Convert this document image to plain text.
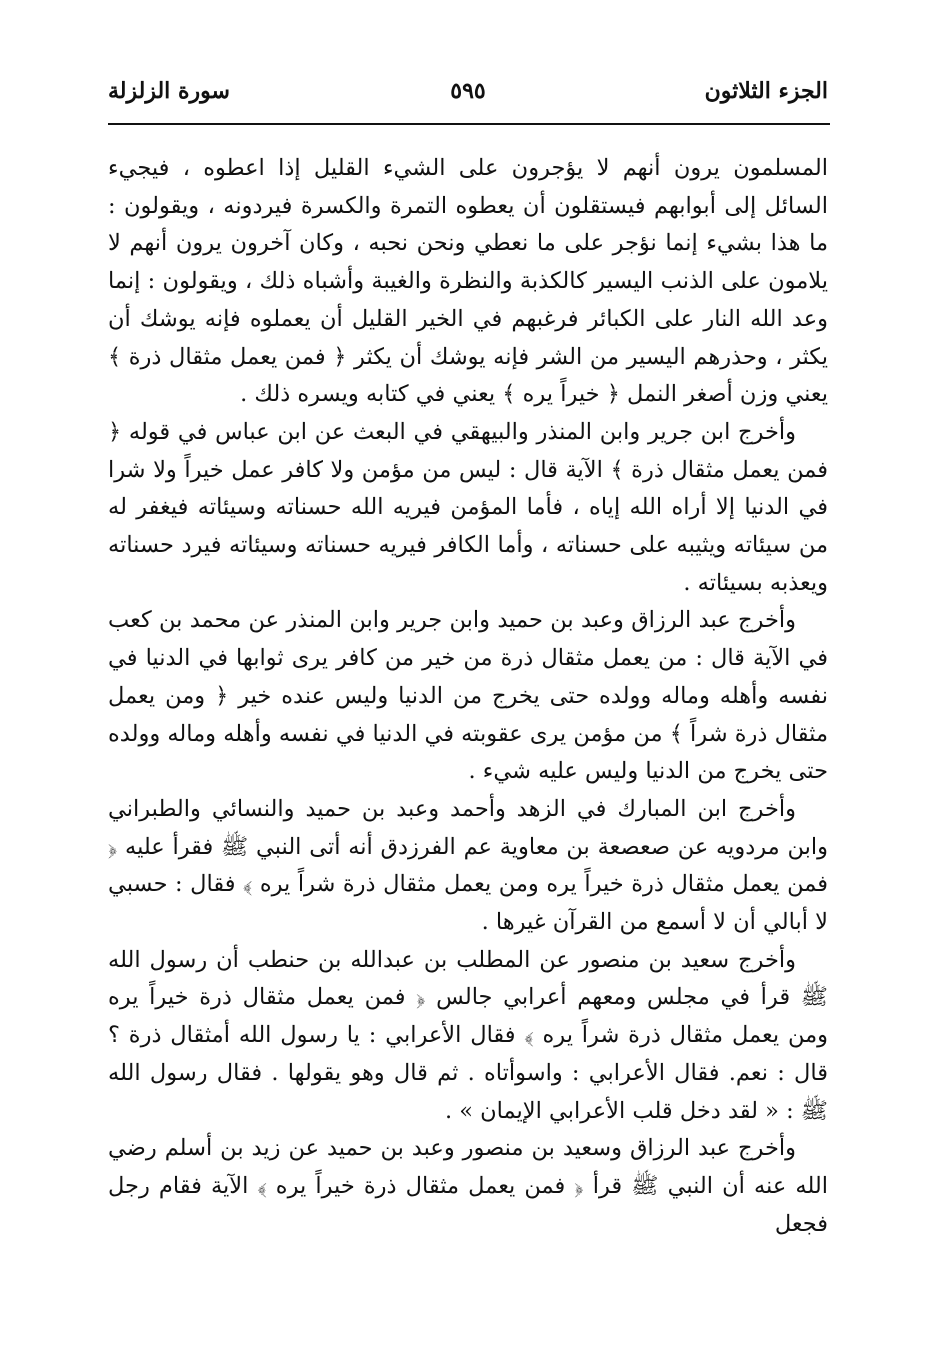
الجزء الثلاثون
٥٩٥
سورة الزلزلة

المسلمون يرون أنهم لا يؤجرون على الشيء القليل إذا اعطوه ، فيجيء السائل إلى أبوابهم فيستقلون أن يعطوه التمرة والكسرة فيردونه ، ويقولون : ما هذا بشيء إنما نؤجر على ما نعطي ونحن نحبه ، وكان آخرون يرون أنهم لا يلامون على الذنب اليسير كالكذبة والنظرة والغيبة وأشباه ذلك ، ويقولون : إنما وعد الله النار على الكبائر فرغبهم في الخير القليل أن يعملوه فإنه يوشك أن يكثر ، وحذرهم اليسير من الشر فإنه يوشك أن يكثر ﴿ فمن يعمل مثقال ذرة ﴾ يعني وزن أصغر النمل ﴿ خيراً يره ﴾ يعني في كتابه ويسره ذلك .

وأخرج ابن جرير وابن المنذر والبيهقي في البعث عن ابن عباس في قوله ﴿ فمن يعمل مثقال ذرة ﴾ الآية قال : ليس من مؤمن ولا كافر عمل خيراً ولا شرا في الدنيا إلا أراه الله إياه ، فأما المؤمن فيريه الله حسناته وسيئاته فيغفر له من سيئاته ويثيبه على حسناته ، وأما الكافر فيريه حسناته وسيئاته فيرد حسناته ويعذبه بسيئاته .

وأخرج عبد الرزاق وعبد بن حميد وابن جرير وابن المنذر عن محمد بن كعب في الآية قال : من يعمل مثقال ذرة من خير من كافر يرى ثوابها في الدنيا في نفسه وأهله وماله وولده حتى يخرج من الدنيا وليس عنده خير ﴿ ومن يعمل مثقال ذرة شراً ﴾ من مؤمن يرى عقوبته في الدنيا في نفسه وأهله وماله وولده حتى يخرج من الدنيا وليس عليه شيء .

وأخرج ابن المبارك في الزهد وأحمد وعبد بن حميد والنسائي والطبراني وابن مردويه عن صعصعة بن معاوية عم الفرزدق أنه أتى النبي ﷺ فقرأ عليه ﴿ فمن يعمل مثقال ذرة خيراً يره ومن يعمل مثقال ذرة شراً يره ﴾ فقال : حسبي لا أبالي أن لا أسمع من القرآن غيرها .

وأخرج سعيد بن منصور عن المطلب بن عبدالله بن حنطب أن رسول الله ﷺ قرأ في مجلس ومعهم أعرابي جالس ﴿ فمن يعمل مثقال ذرة خيراً يره ومن يعمل مثقال ذرة شراً يره ﴾ فقال الأعرابي : يا رسول الله أمثقال ذرة ؟ قال : نعم. فقال الأعرابي : واسوأتاه . ثم قال وهو يقولها . فقال رسول الله ﷺ : « لقد دخل قلب الأعرابي الإيمان » .

وأخرج عبد الرزاق وسعيد بن منصور وعبد بن حميد عن زيد بن أسلم رضي الله عنه أن النبي ﷺ قرأ ﴿ فمن يعمل مثقال ذرة خيراً يره ﴾ الآية فقام رجل فجعل
